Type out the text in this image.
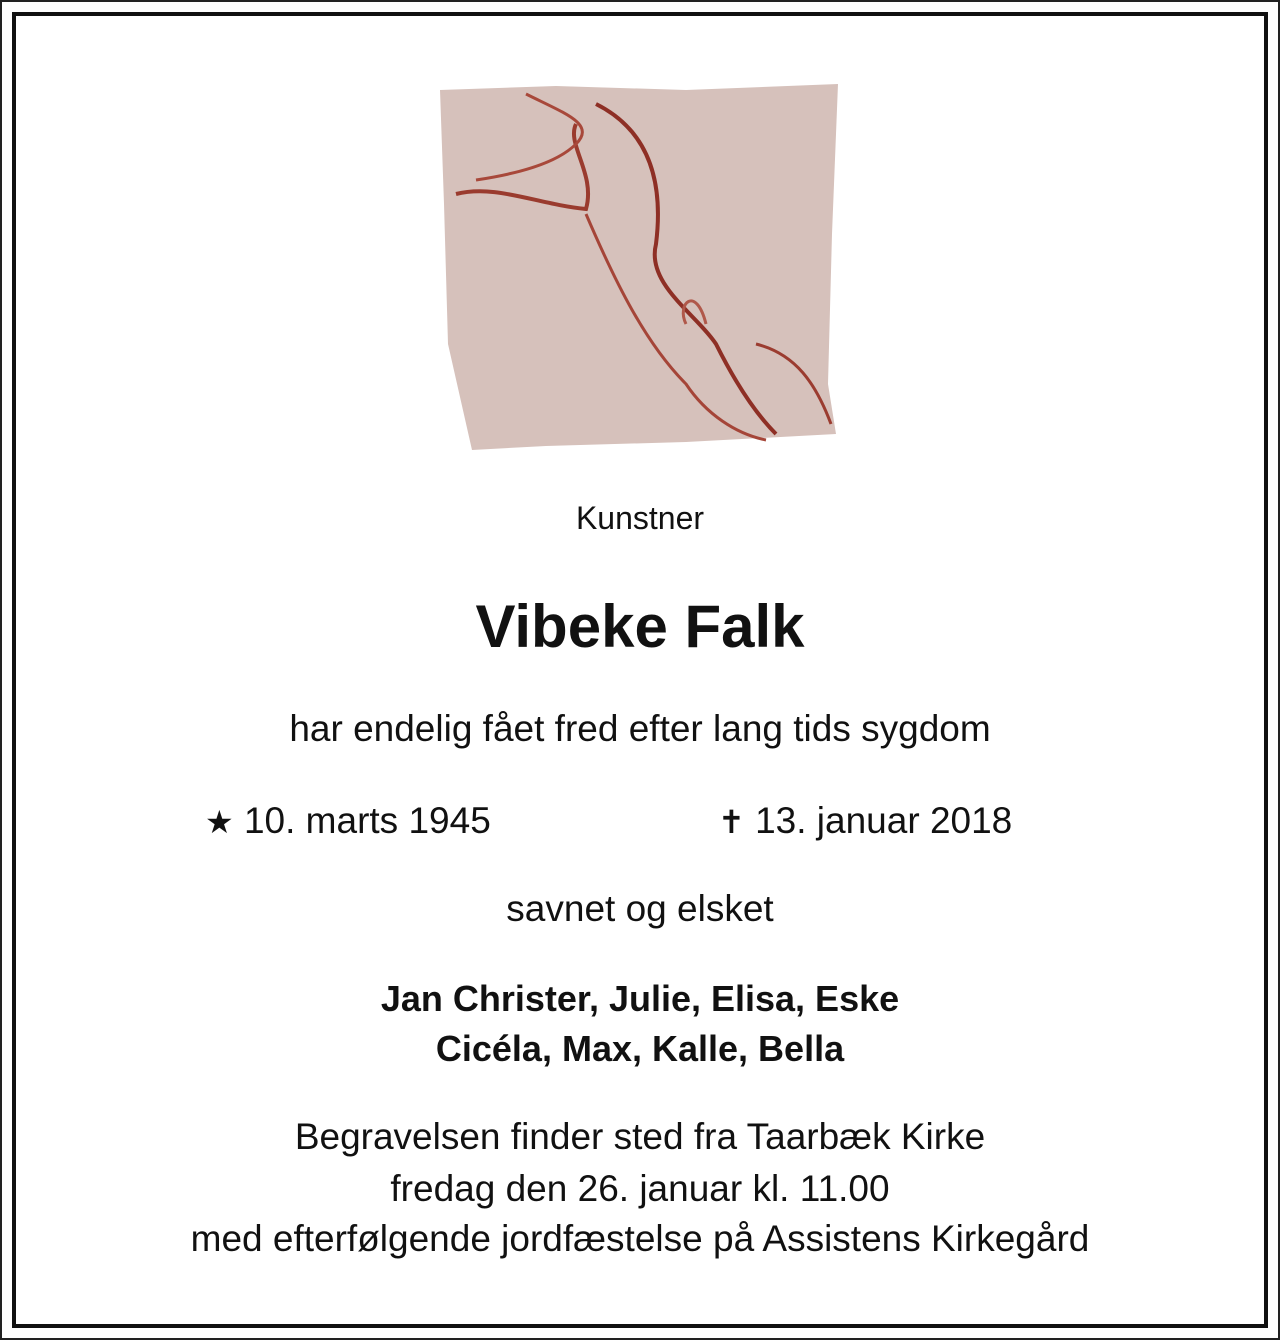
Kunstner
Vibeke Falk
har endelig fået fred efter lang tids sygdom
★ 10. marts 1945	✝ 13. januar 2018
savnet og elsket
Jan Christer, Julie, Elisa, Eske
Cicéla, Max, Kalle, Bella
Begravelsen finder sted fra Taarbæk Kirke
fredag den 26. januar kl. 11.00
med efterfølgende jordfæstelse på Assistens Kirkegård
